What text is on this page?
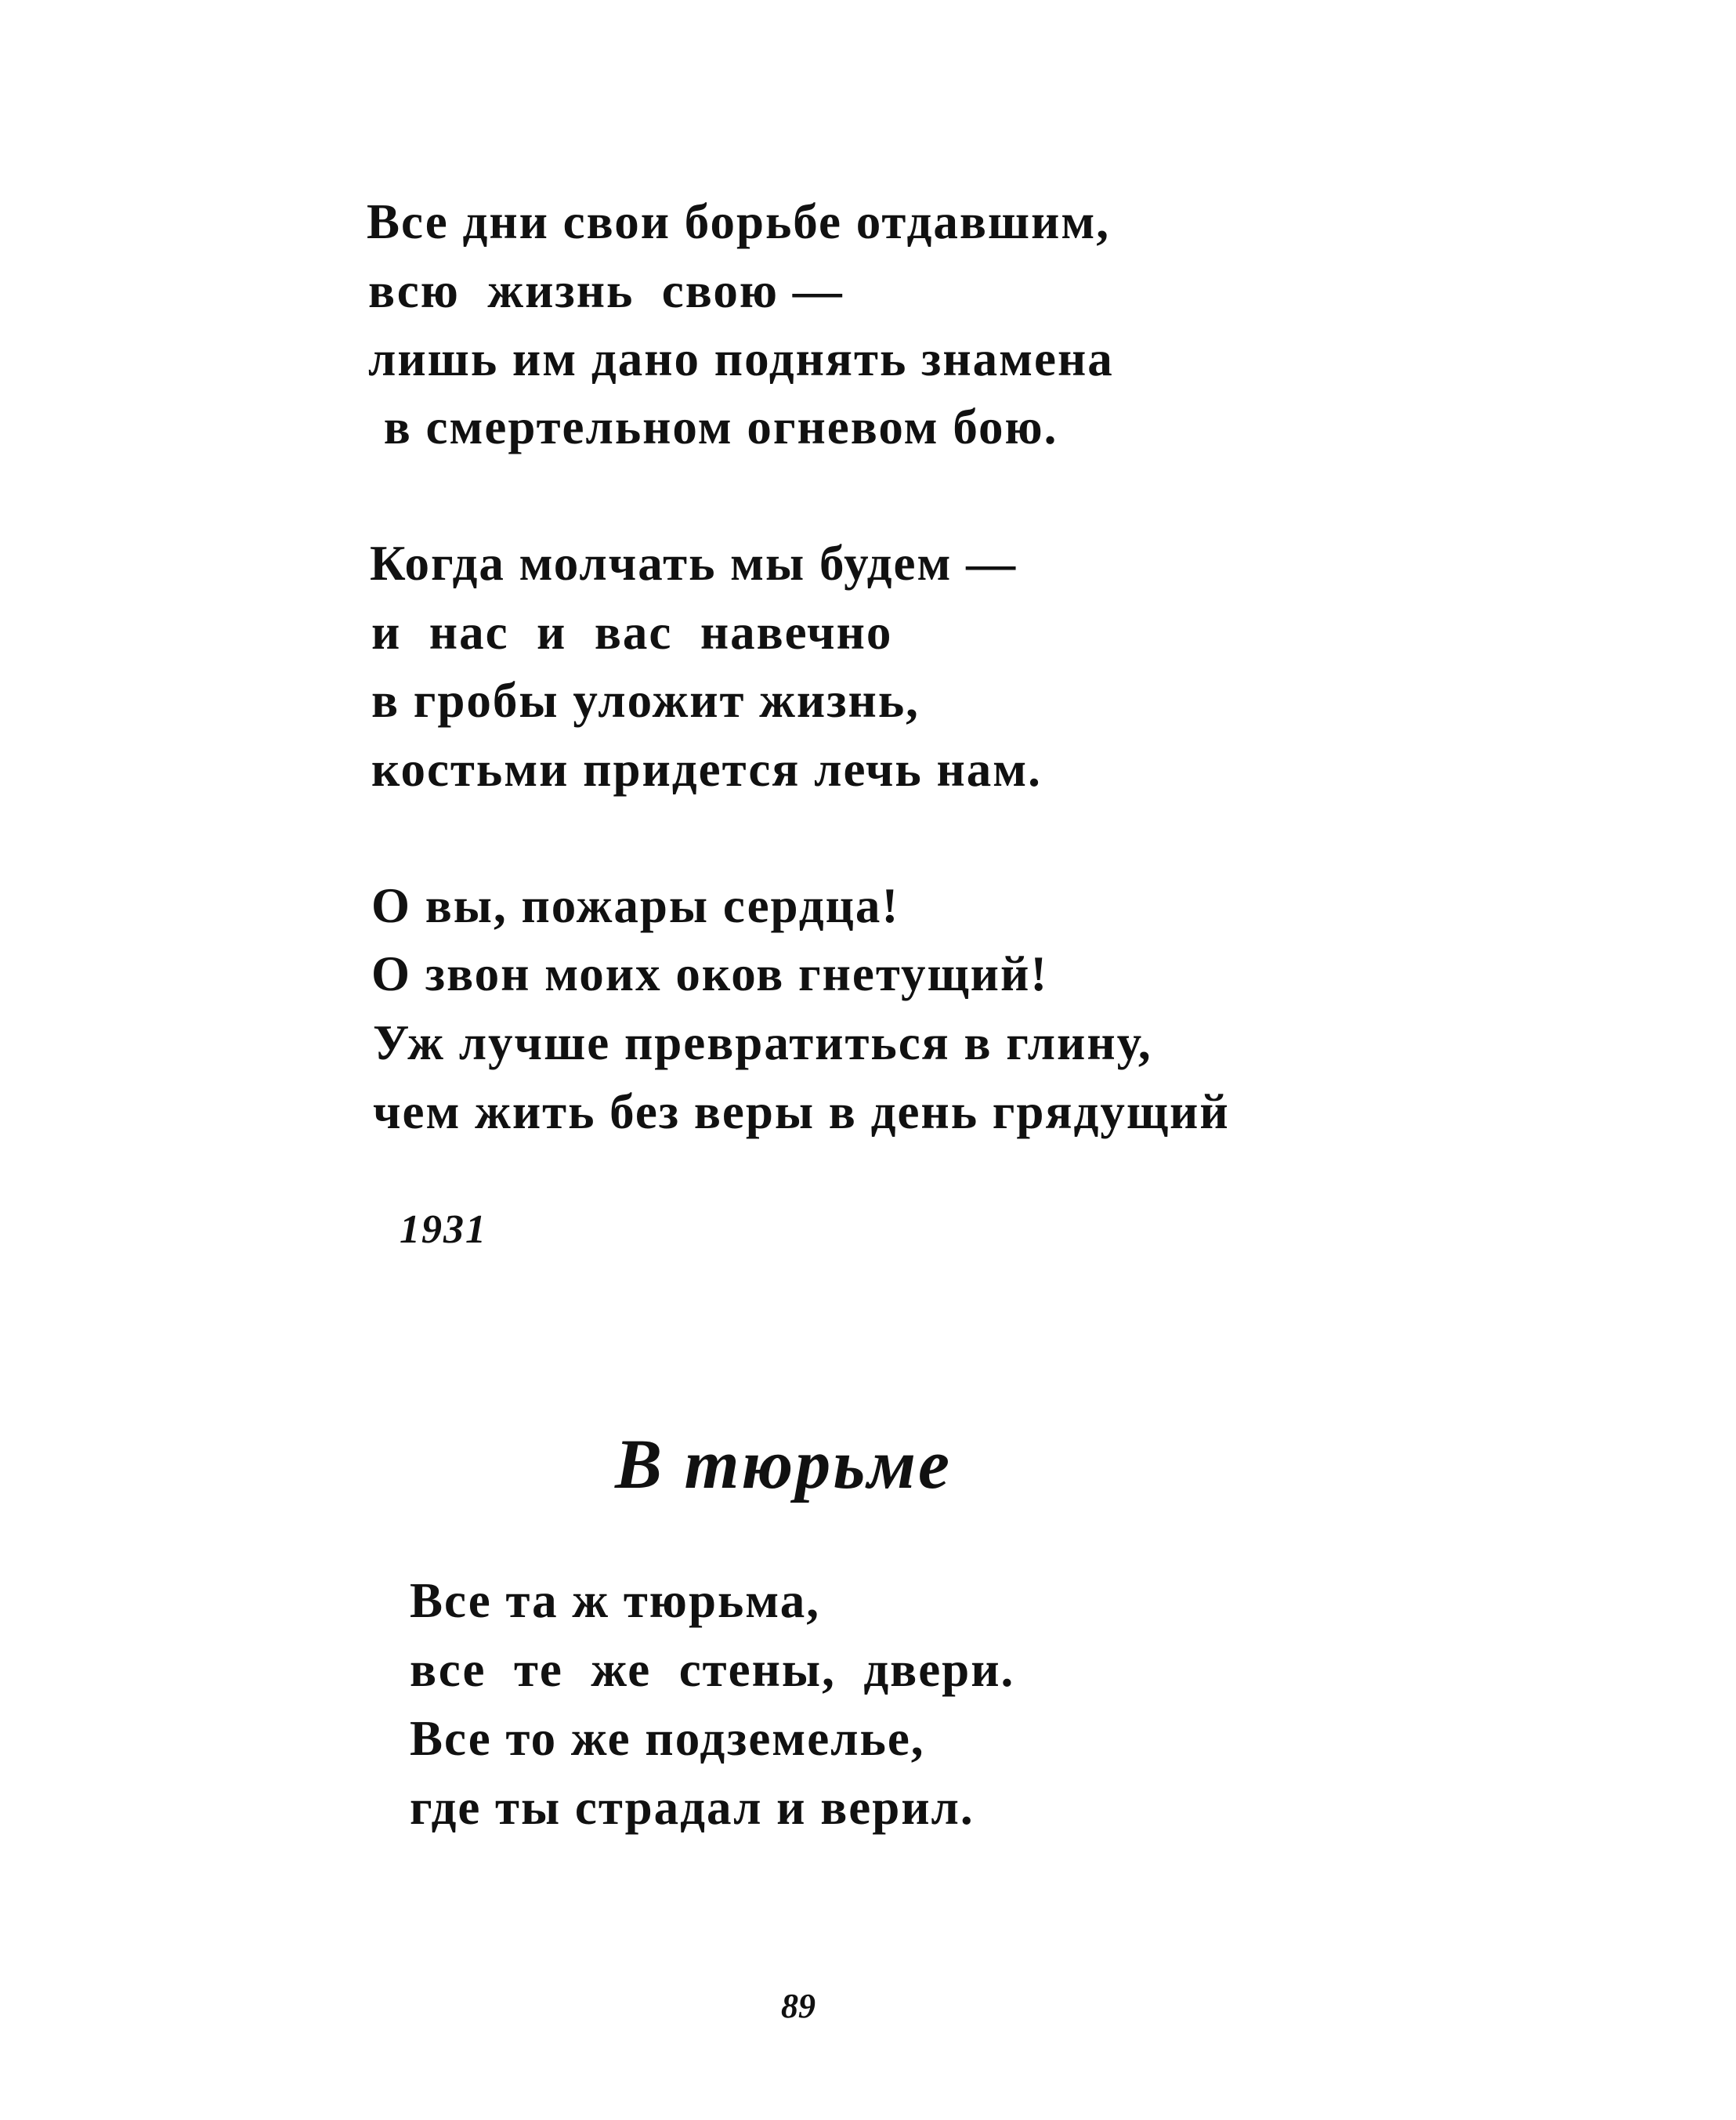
Все дни свои борьбе отдавшим,
всю  жизнь  свою —
лишь им дано поднять знамена
в смертельном огневом бою.
Когда молчать мы будем —
и  нас  и  вас  навечно
в гробы уложит жизнь,
костьми придется лечь нам.
О вы, пожары сердца!
О звон моих оков гнетущий!
Уж лучше превратиться в глину,
чем жить без веры в день грядущий
1931
В тюрьме
Все та ж тюрьма,
все  те  же  стены,  двери.
Все то же подземелье,
где ты страдал и верил.
89
